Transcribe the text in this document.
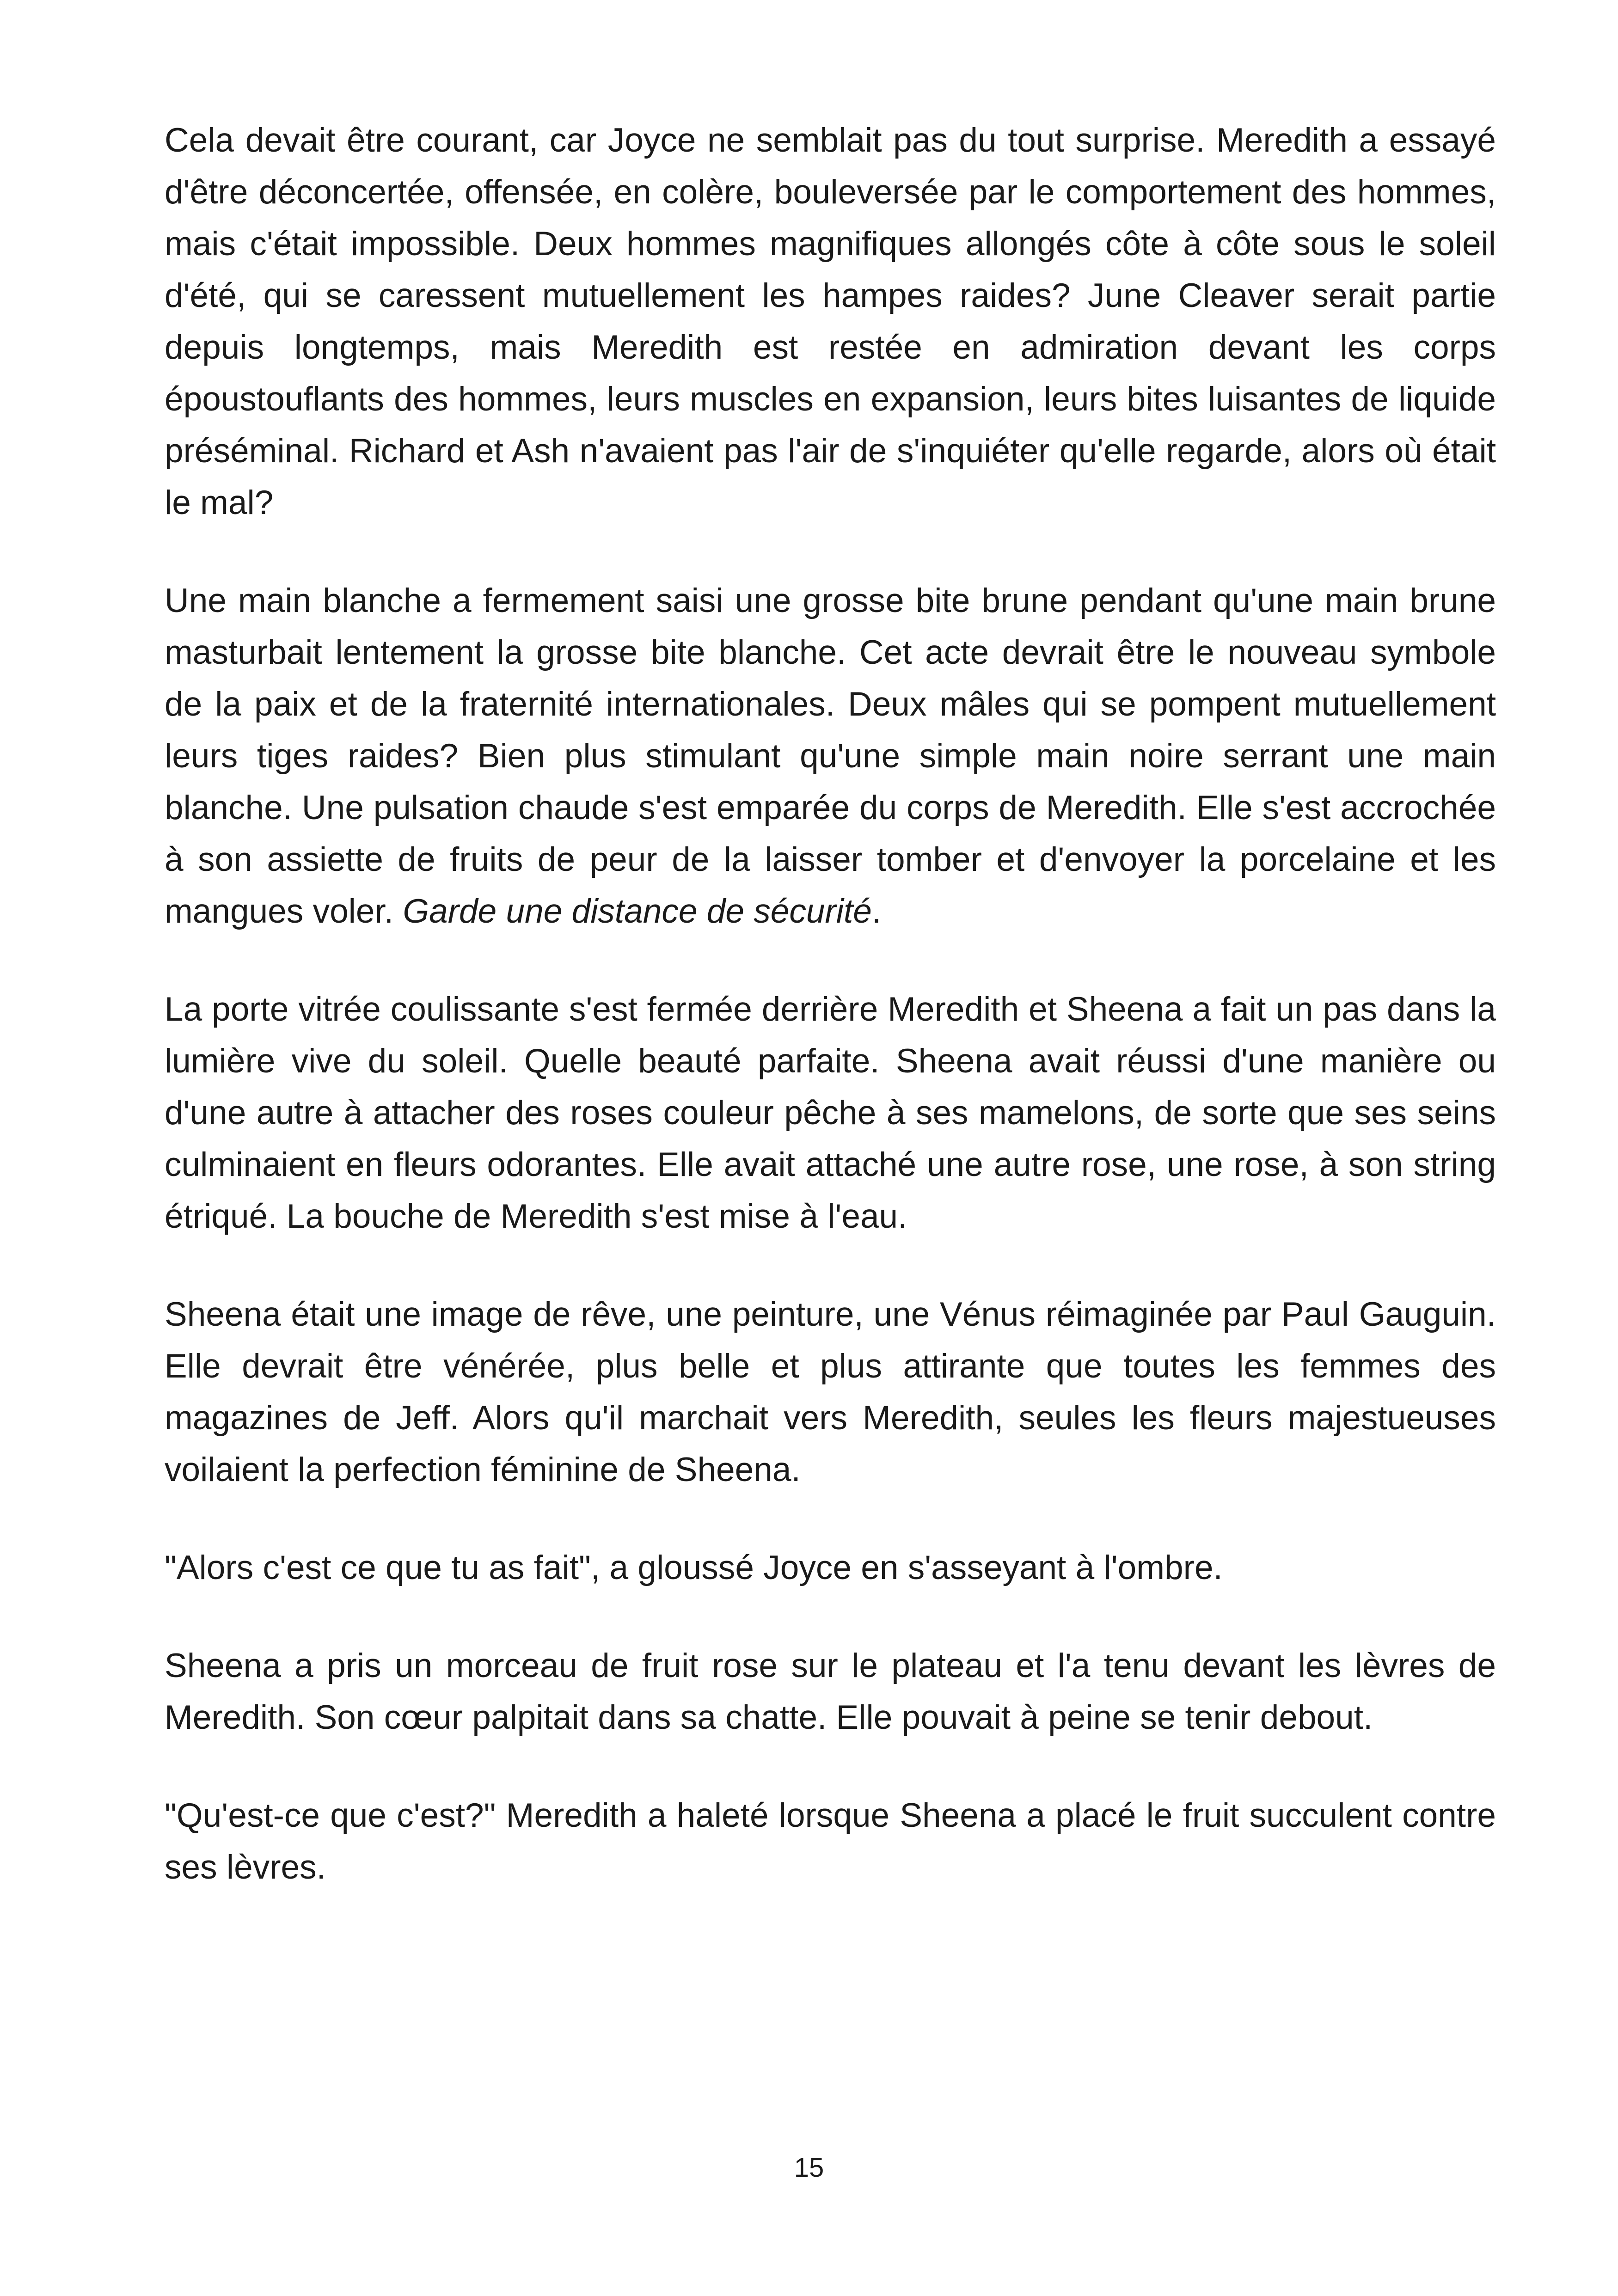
Cela devait être courant, car Joyce ne semblait pas du tout surprise. Meredith a essayé d'être déconcertée, offensée, en colère, bouleversée par le comportement des hommes, mais c'était impossible. Deux hommes magnifiques allongés côte à côte sous le soleil d'été, qui se caressent mutuellement les hampes raides? June Cleaver serait partie depuis longtemps, mais Meredith est restée en admiration devant les corps époustouflants des hommes, leurs muscles en expansion, leurs bites luisantes de liquide préséminal. Richard et Ash n'avaient pas l'air de s'inquiéter qu'elle regarde, alors où était le mal?

Une main blanche a fermement saisi une grosse bite brune pendant qu'une main brune masturbait lentement la grosse bite blanche. Cet acte devrait être le nouveau symbole de la paix et de la fraternité internationales. Deux mâles qui se pompent mutuellement leurs tiges raides? Bien plus stimulant qu'une simple main noire serrant une main blanche. Une pulsation chaude s'est emparée du corps de Meredith. Elle s'est accrochée à son assiette de fruits de peur de la laisser tomber et d'envoyer la porcelaine et les mangues voler. Garde une distance de sécurité.

La porte vitrée coulissante s'est fermée derrière Meredith et Sheena a fait un pas dans la lumière vive du soleil. Quelle beauté parfaite. Sheena avait réussi d'une manière ou d'une autre à attacher des roses couleur pêche à ses mamelons, de sorte que ses seins culminaient en fleurs odorantes. Elle avait attaché une autre rose, une rose, à son string étriqué. La bouche de Meredith s'est mise à l'eau.

Sheena était une image de rêve, une peinture, une Vénus réimaginée par Paul Gauguin. Elle devrait être vénérée, plus belle et plus attirante que toutes les femmes des magazines de Jeff. Alors qu'il marchait vers Meredith, seules les fleurs majestueuses voilaient la perfection féminine de Sheena.

"Alors c'est ce que tu as fait", a gloussé Joyce en s'asseyant à l'ombre.

Sheena a pris un morceau de fruit rose sur le plateau et l'a tenu devant les lèvres de Meredith. Son cœur palpitait dans sa chatte. Elle pouvait à peine se tenir debout.

"Qu'est-ce que c'est?" Meredith a haleté lorsque Sheena a placé le fruit succulent contre ses lèvres.

15
